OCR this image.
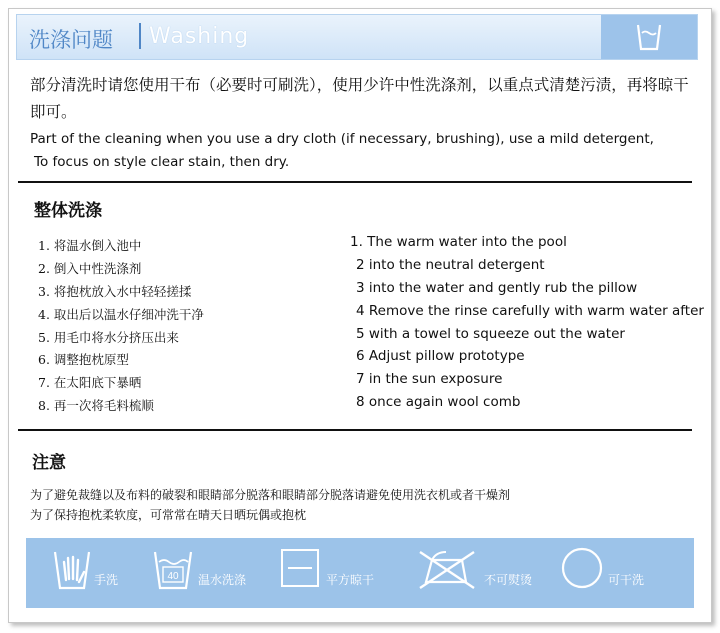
洗涤问题 Washing
部分清洗时请您使用干布（必要时可刷洗），使用少许中性洗涤剂，以重点式清楚污渍，再将晾干即可。
Part of the cleaning when you use a dry cloth (if necessary, brushing), use a mild detergent,
To focus on style clear stain, then dry.
整体洗涤
1. 将温水倒入池中
2. 倒入中性洗涤剂
3. 将抱枕放入水中轻轻搓揉
4. 取出后以温水仔细冲洗干净
5. 用毛巾将水分挤压出来
6. 调整抱枕原型
7. 在太阳底下暴晒
8. 再一次将毛料梳顺
1. The warm water into the pool
2 into the neutral detergent
3 into the water and gently rub the pillow
4 Remove the rinse carefully with warm water after
5 with a towel to squeeze out the water
6 Adjust pillow prototype
7 in the sun exposure
8 once again wool comb
注意
为了避免裁缝以及布料的破裂和眼睛部分脱落和眼睛部分脱落请避免使用洗衣机或者干燥剂
为了保持抱枕柔软度，可常常在晴天日晒玩偶或抱枕
手洗	40 温水洗涤	平方晾干	不可熨烫	可干洗
